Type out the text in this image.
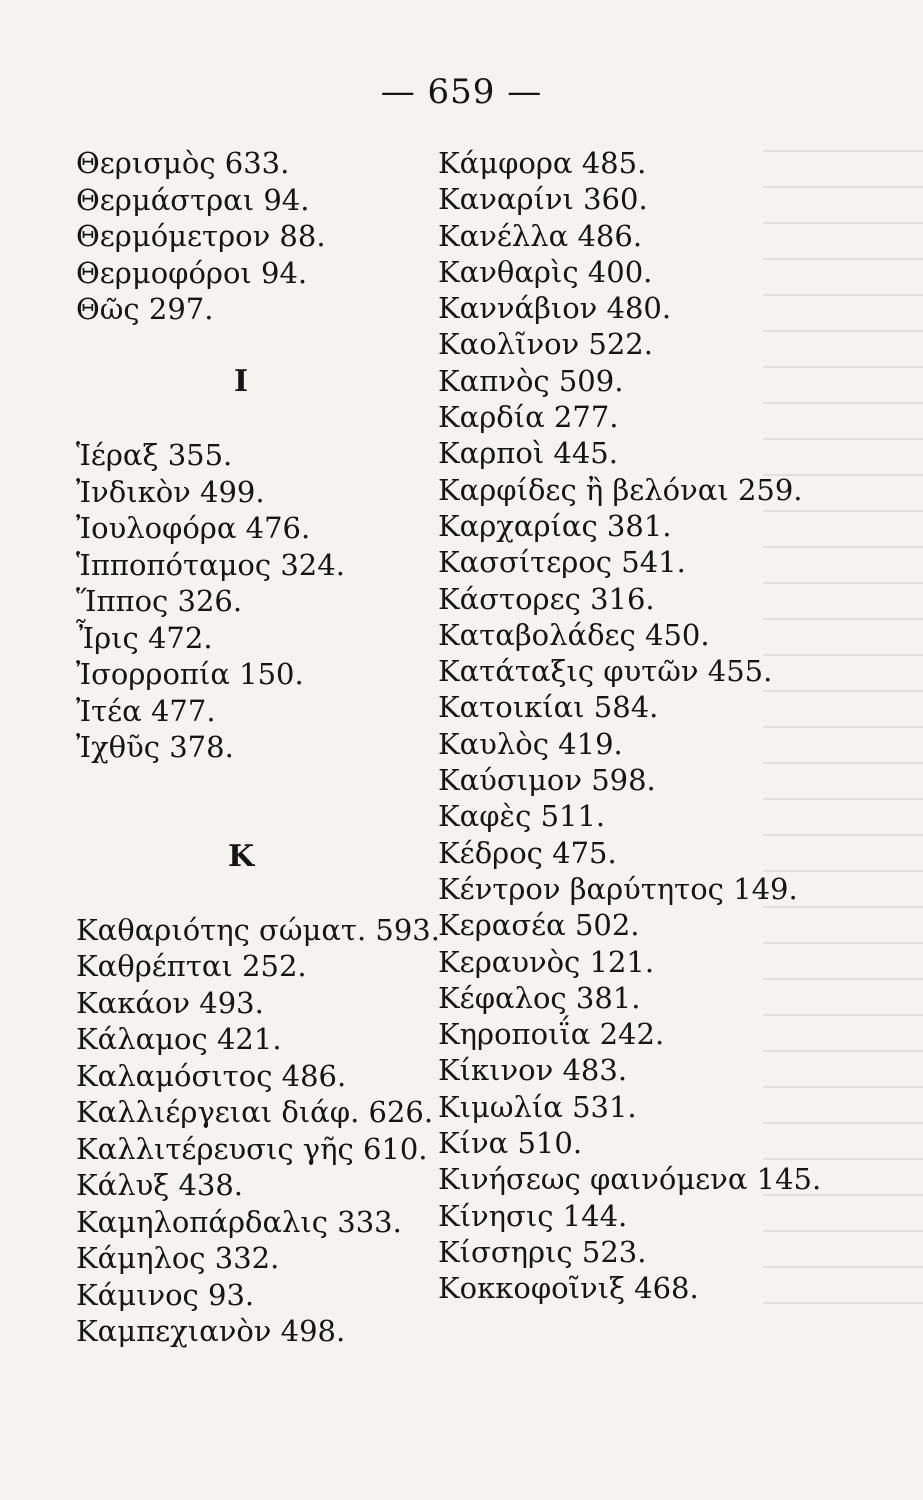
— 659 —
Θερισμὸς 633.
Θερμάστραι 94.
Θερμόμετρον 88.
Θερμοφόροι 94.
Θῶς 297.
Ι
Ἱέραξ 355.
Ἰνδικὸν 499.
Ἰουλοφόρα 476.
Ἱπποπόταμος 324.
Ἵππος 326.
Ἶρις 472.
Ἰσορροπία 150.
Ἰτέα 477.
Ἰχθῦς 378.
Κ
Καθαριότης σώματ. 593.
Καθρέπται 252.
Κακάον 493.
Κάλαμος 421.
Καλαμόσιτος 486.
Καλλιέργειαι διάφ. 626.
Καλλιτέρευσις γῆς 610.
Κάλυξ 438.
Καμηλοπάρδαλις 333.
Κάμηλος 332.
Κάμινος 93.
Καμπεχιανὸν 498.
Κάμφορα 485.
Καναρίνι 360.
Κανέλλα 486.
Κανθαρὶς 400.
Καννάβιον 480.
Καολῖνον 522.
Καπνὸς 509.
Καρδία 277.
Καρποὶ 445.
Καρφίδες ἢ βελόναι 259.
Καρχαρίας 381.
Κασσίτερος 541.
Κάστορες 316.
Καταβολάδες 450.
Κατάταξις φυτῶν 455.
Κατοικίαι 584.
Καυλὸς 419.
Καύσιμον 598.
Καφὲς 511.
Κέδρος 475.
Κέντρον βαρύτητος 149.
Κερασέα 502.
Κεραυνὸς 121.
Κέφαλος 381.
Κηροποιΐα 242.
Κίκινον 483.
Κιμωλία 531.
Κίνα 510.
Κινήσεως φαινόμενα 145.
Κίνησις 144.
Κίσσηρις 523.
Κοκκοφοῖνιξ 468.
